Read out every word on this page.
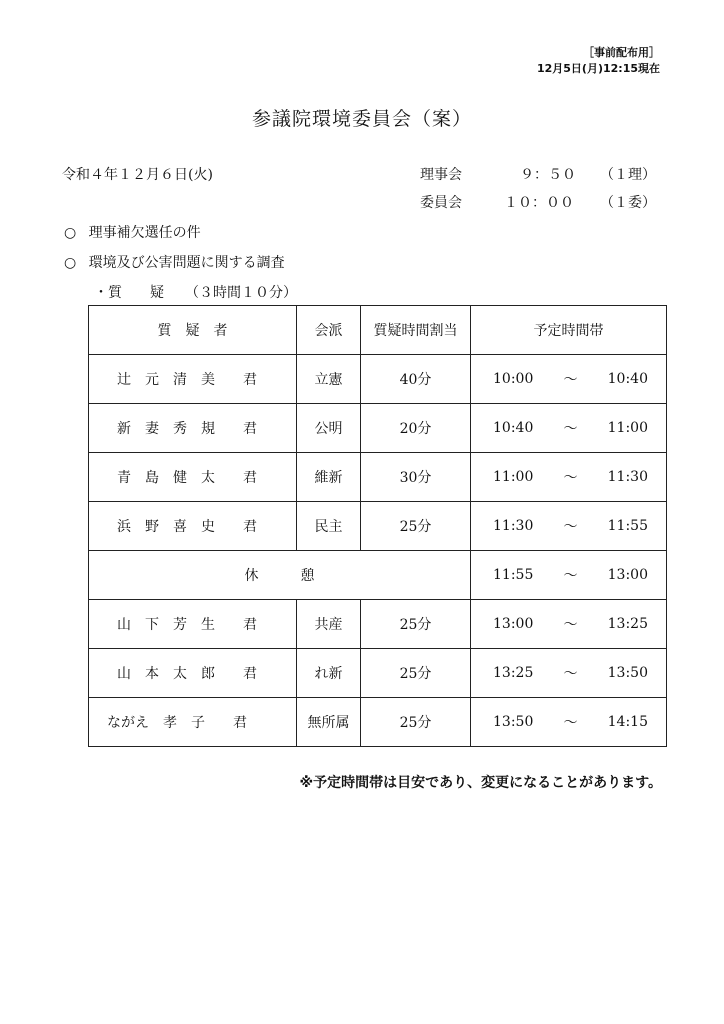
［事前配布用］
12月5日(月)12:15現在
参議院環境委員会（案）
令和４年１２月６日(火)	理事会	９：５０ （１理）
委員会	１０：００ （１委）
○ 理事補欠選任の件
○ 環境及び公害問題に関する調査
・質　　疑　　（３時間１０分）
質　疑　者	会派	質疑時間割当	予定時間帯
辻　元　清　美　　君	立憲	40分	10:00 〜 10:40

新　妻　秀　規　　君	公明	20分	10:40 〜 11:00

青　島　健　太　　君	維新	30分	11:00 〜 11:30

浜　野　喜　史　　君	民主	25分	11:30 〜 11:55

休　　　憩			11:55 〜 13:00

山　下　芳　生　　君	共産	25分	13:00 〜 13:25

山　本　太　郎　　君	れ新	25分	13:25 〜 13:50

ながえ　孝　子　　君	無所属	25分	13:50 〜 14:15
※予定時間帯は目安であり、変更になることがあります。
